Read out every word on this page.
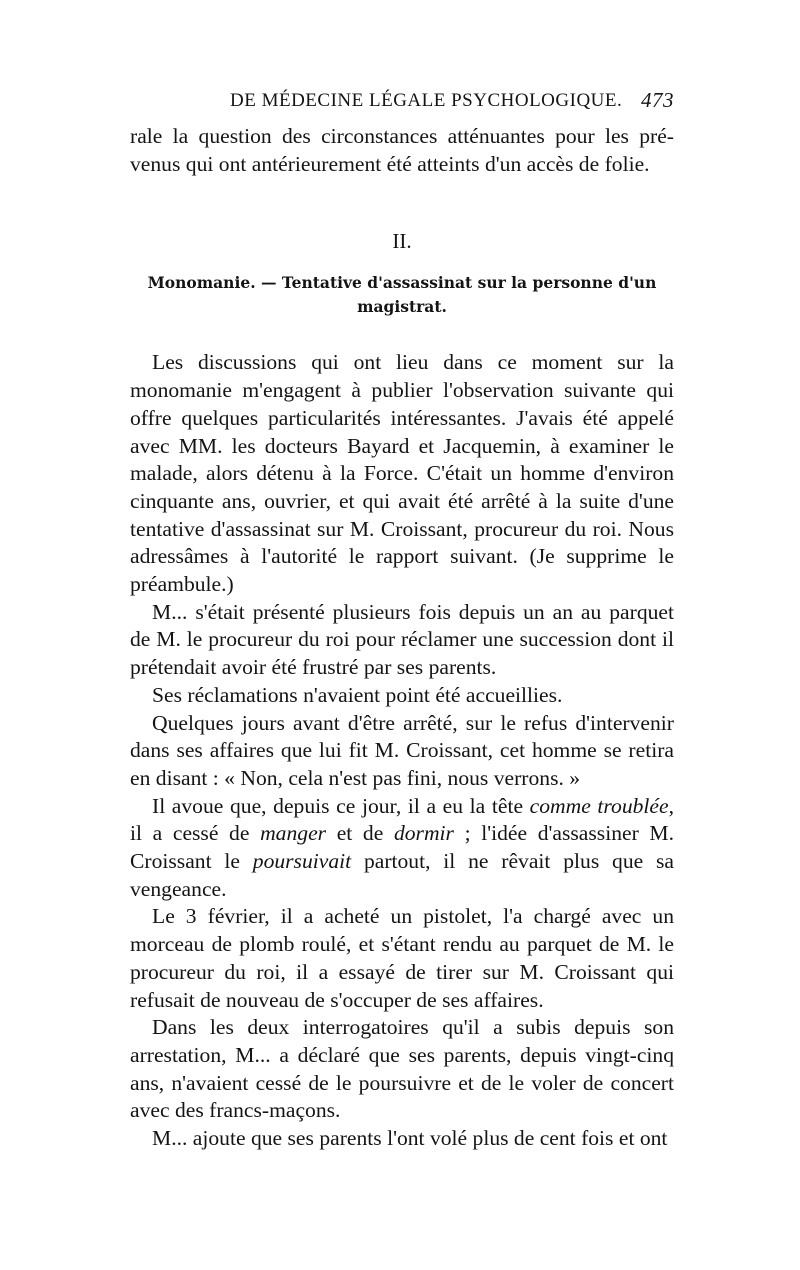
DE MÉDECINE LÉGALE PSYCHOLOGIQUE. 473

rale la question des circonstances atténuantes pour les pré-venus qui ont antérieurement été atteints d'un accès de folie.

II.
Monomanie. — Tentative d'assassinat sur la personne d'un
magistrat.

Les discussions qui ont lieu dans ce moment sur la monomanie m'engagent à publier l'observation suivante qui offre quelques particularités intéressantes. J'avais été appelé avec MM. les docteurs Bayard et Jacquemin, à examiner le malade, alors détenu à la Force. C'était un homme d'environ cinquante ans, ouvrier, et qui avait été arrêté à la suite d'une tentative d'assassinat sur M. Croissant, procureur du roi. Nous adressâmes à l'autorité le rapport suivant. (Je supprime le préambule.)

M... s'était présenté plusieurs fois depuis un an au parquet de M. le procureur du roi pour réclamer une succession dont il prétendait avoir été frustré par ses parents.

Ses réclamations n'avaient point été accueillies.

Quelques jours avant d'être arrêté, sur le refus d'intervenir dans ses affaires que lui fit M. Croissant, cet homme se retira en disant : « Non, cela n'est pas fini, nous verrons. »

Il avoue que, depuis ce jour, il a eu la tête comme troublée, il a cessé de manger et de dormir ; l'idée d'assassiner M. Croissant le poursuivait partout, il ne rêvait plus que sa vengeance.

Le 3 février, il a acheté un pistolet, l'a chargé avec un morceau de plomb roulé, et s'étant rendu au parquet de M. le procureur du roi, il a essayé de tirer sur M. Croissant qui refusait de nouveau de s'occuper de ses affaires.

Dans les deux interrogatoires qu'il a subis depuis son arrestation, M... a déclaré que ses parents, depuis vingt-cinq ans, n'avaient cessé de le poursuivre et de le voler de concert avec des francs-maçons.

M... ajoute que ses parents l'ont volé plus de cent fois et ont
